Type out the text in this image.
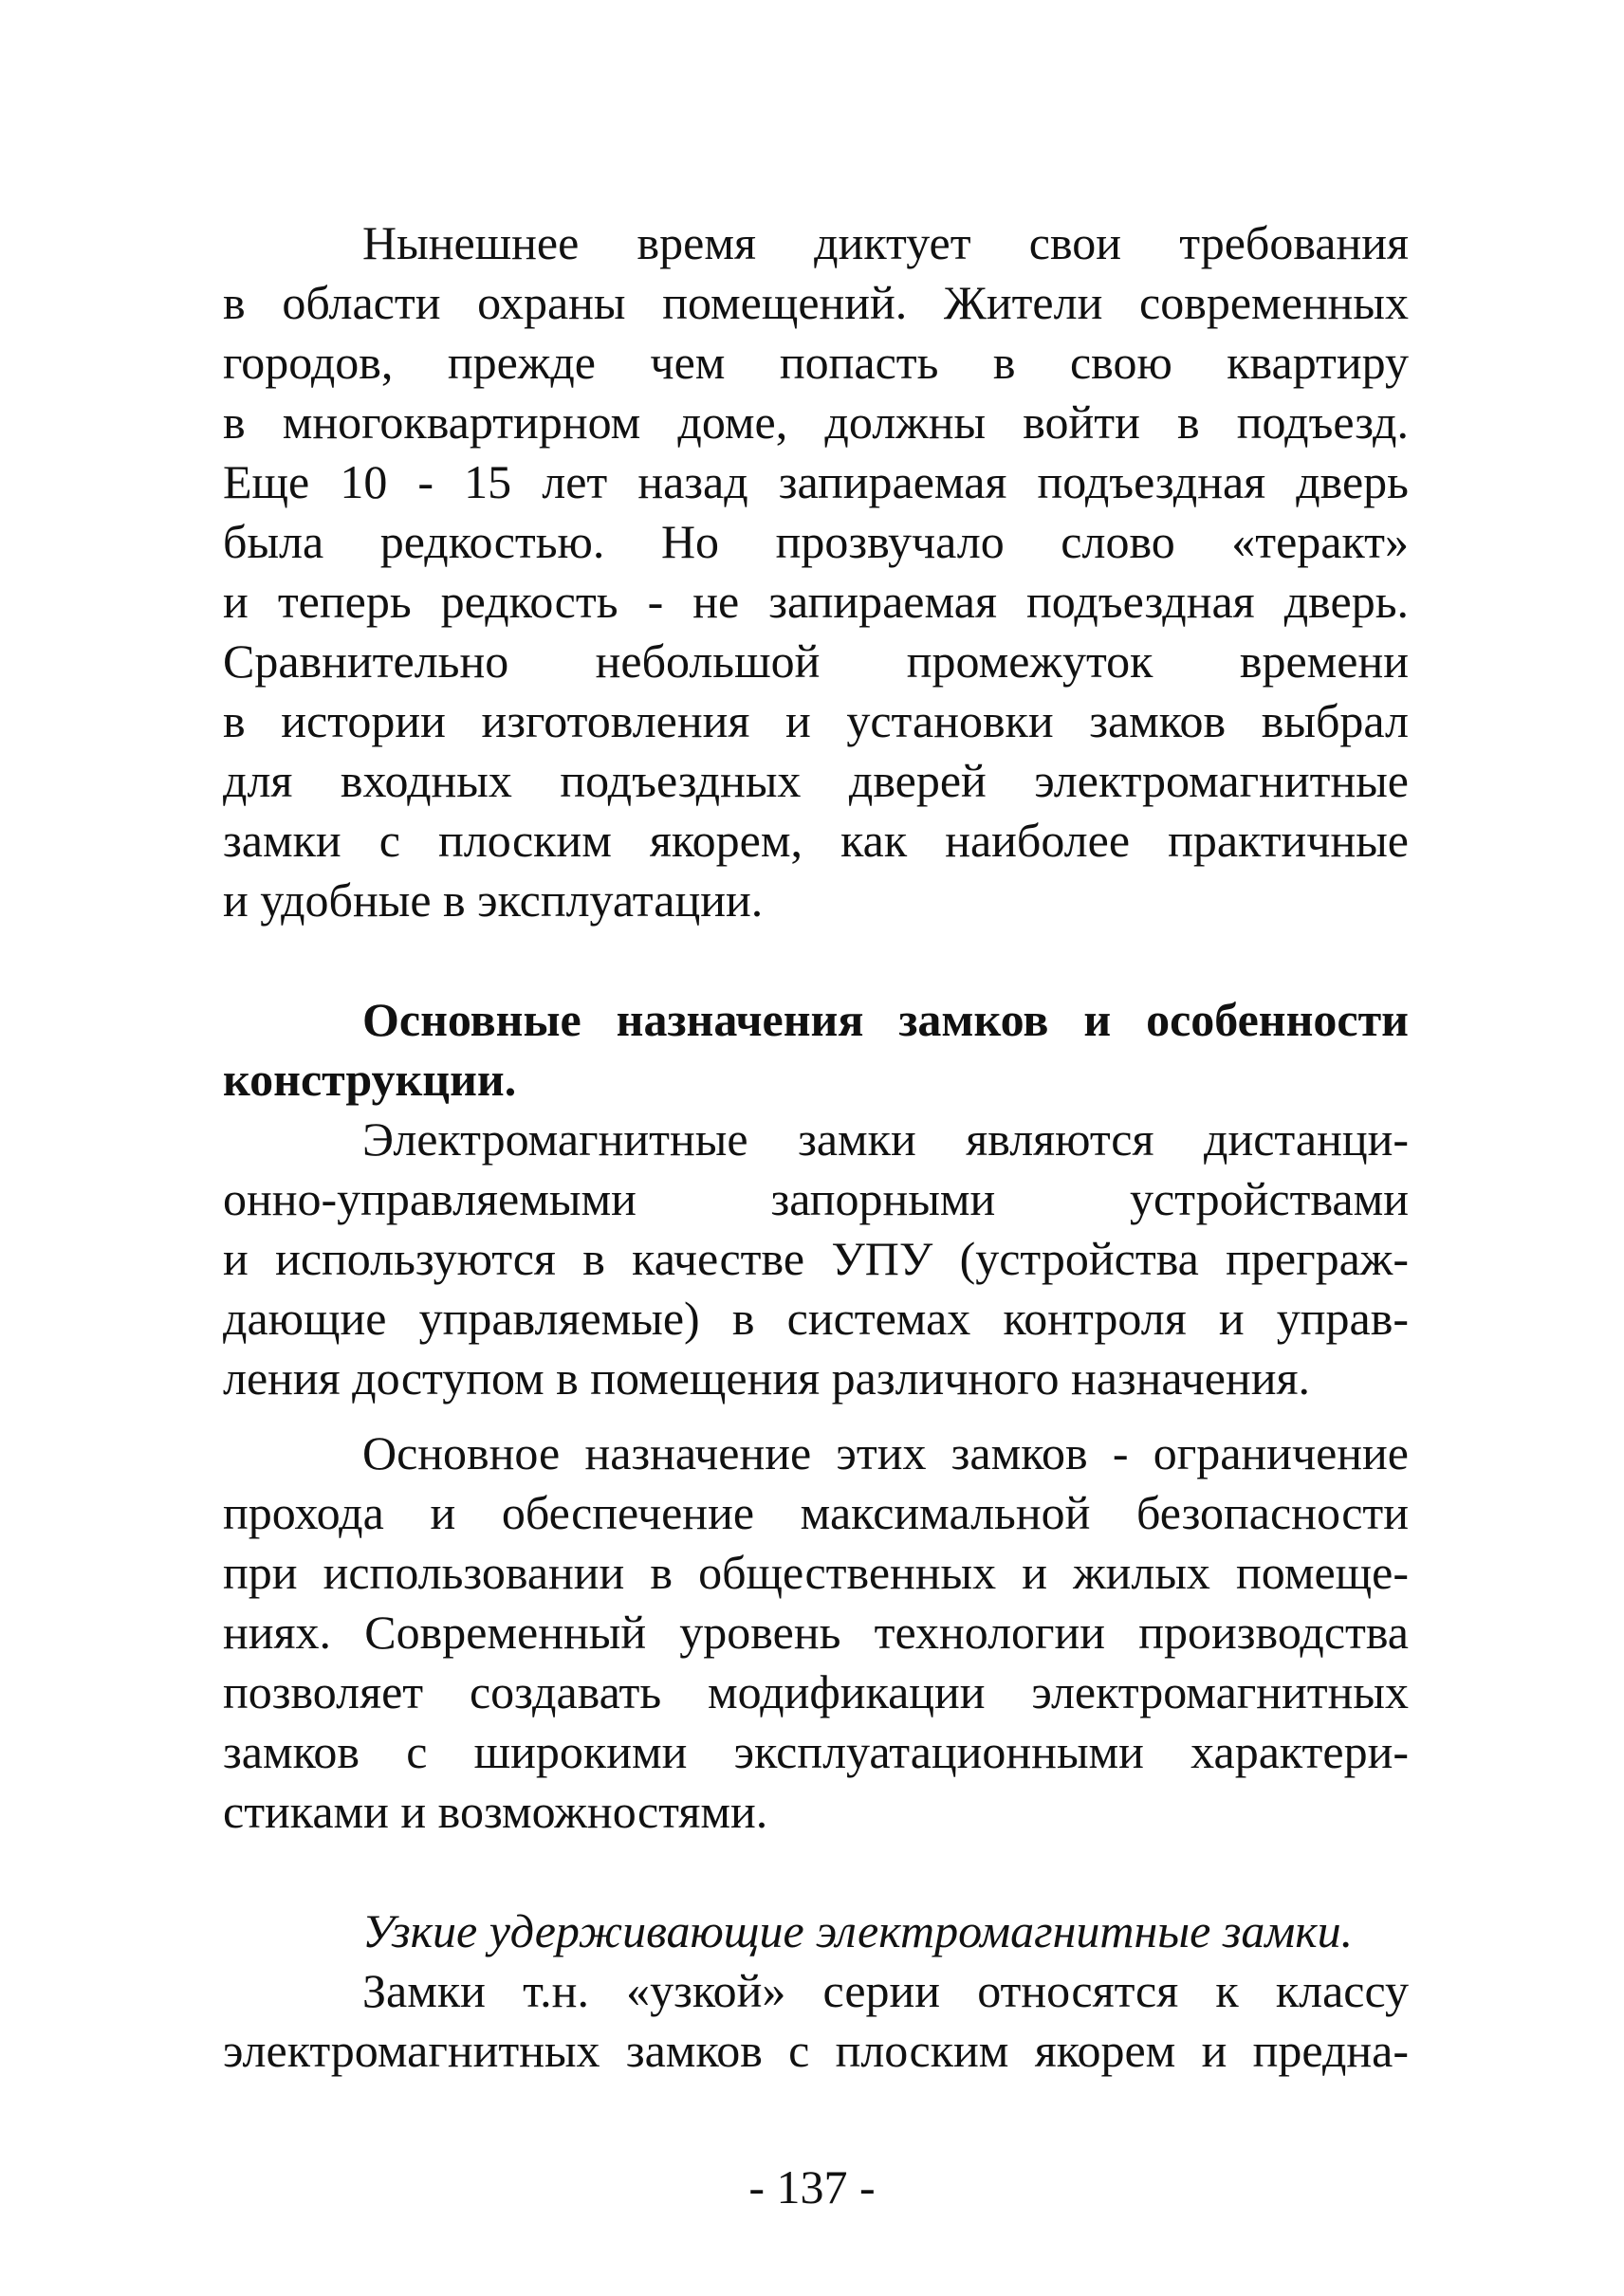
Нынешнее время диктует свои требования
в области охраны помещений. Жители современных
городов, прежде чем попасть в свою квартиру
в многоквартирном доме, должны войти в подъезд.
Еще 10 - 15 лет назад запираемая подъездная дверь
была редкостью. Но прозвучало слово «теракт»
и теперь редкость - не запираемая подъездная дверь.
Сравнительно небольшой промежуток времени
в истории изготовления и установки замков выбрал
для входных подъездных дверей электромагнитные
замки с плоским якорем, как наиболее практичные
и удобные в эксплуатации.
Основные назначения замков и особенности
конструкции.
Электромагнитные замки являются дистанци-
онно-управляемыми запорными устройствами
и используются в качестве УПУ (устройства преграж-
дающие управляемые) в системах контроля и управ-
ления доступом в помещения различного назначения.
Основное назначение этих замков - ограничение
прохода и обеспечение максимальной безопасности
при использовании в общественных и жилых помеще-
ниях. Современный уровень технологии производства
позволяет создавать модификации электромагнитных
замков с широкими эксплуатационными характери-
стиками и возможностями.
Узкие удерживающие электромагнитные замки.
Замки т.н. «узкой» серии относятся к классу
электромагнитных замков с плоским якорем и предна-
- 137 -
